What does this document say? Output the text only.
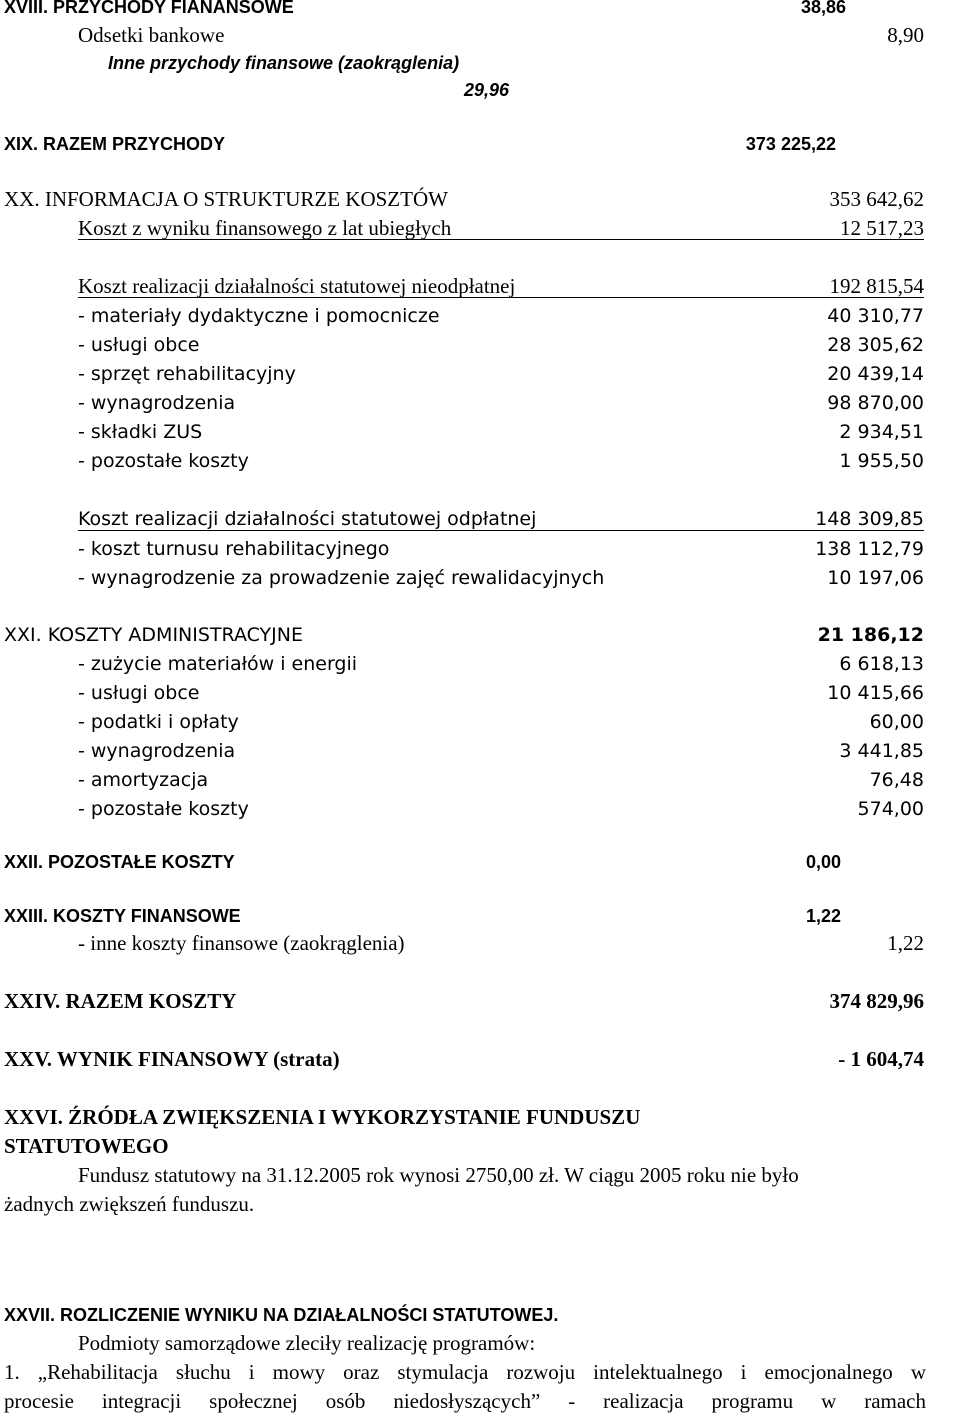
XVIII. PRZYCHODY FIANANSOWE	38,86
Odsetki bankowe	8,90
Inne przychody finansowe (zaokrąglenia)
29,96
XIX. RAZEM PRZYCHODY	373 225,22
XX. INFORMACJA O STRUKTURZE KOSZTÓW	353 642,62
Koszt z wyniku finansowego z lat ubiegłych	12 517,23
Koszt realizacji działalności statutowej nieodpłatnej	192 815,54
- materiały dydaktyczne i pomocnicze	40 310,77
- usługi obce	28 305,62
- sprzęt rehabilitacyjny	20 439,14
- wynagrodzenia	98 870,00
- składki ZUS	2 934,51
- pozostałe koszty	1 955,50
Koszt realizacji działalności statutowej odpłatnej	148 309,85
- koszt turnusu rehabilitacyjnego	138 112,79
- wynagrodzenie za prowadzenie zajęć rewalidacyjnych	10 197,06
XXI. KOSZTY ADMINISTRACYJNE	21 186,12
- zużycie materiałów i energii	6 618,13
- usługi obce	10 415,66
- podatki i opłaty	60,00
- wynagrodzenia	3 441,85
- amortyzacja	76,48
- pozostałe koszty	574,00
XXII. POZOSTAŁE KOSZTY	0,00
XXIII. KOSZTY FINANSOWE	1,22
- inne koszty finansowe (zaokrąglenia)	1,22
XXIV. RAZEM KOSZTY	374 829,96
XXV. WYNIK FINANSOWY (strata)	- 1 604,74
XXVI. ŹRÓDŁA ZWIĘKSZENIA I WYKORZYSTANIE FUNDUSZU
STATUTOWEGO
Fundusz statutowy na 31.12.2005 rok wynosi 2750,00 zł. W ciągu 2005 roku nie było
żadnych zwiększeń funduszu.
XXVII. ROZLICZENIE WYNIKU NA DZIAŁALNOŚCI STATUTOWEJ.
Podmioty samorządowe zleciły realizację programów:
1. „Rehabilitacja słuchu i mowy oraz stymulacja rozwoju intelektualnego i emocjonalnego w
procesie integracji społecznej osób niedosłyszących” - realizacja programu w ramach
